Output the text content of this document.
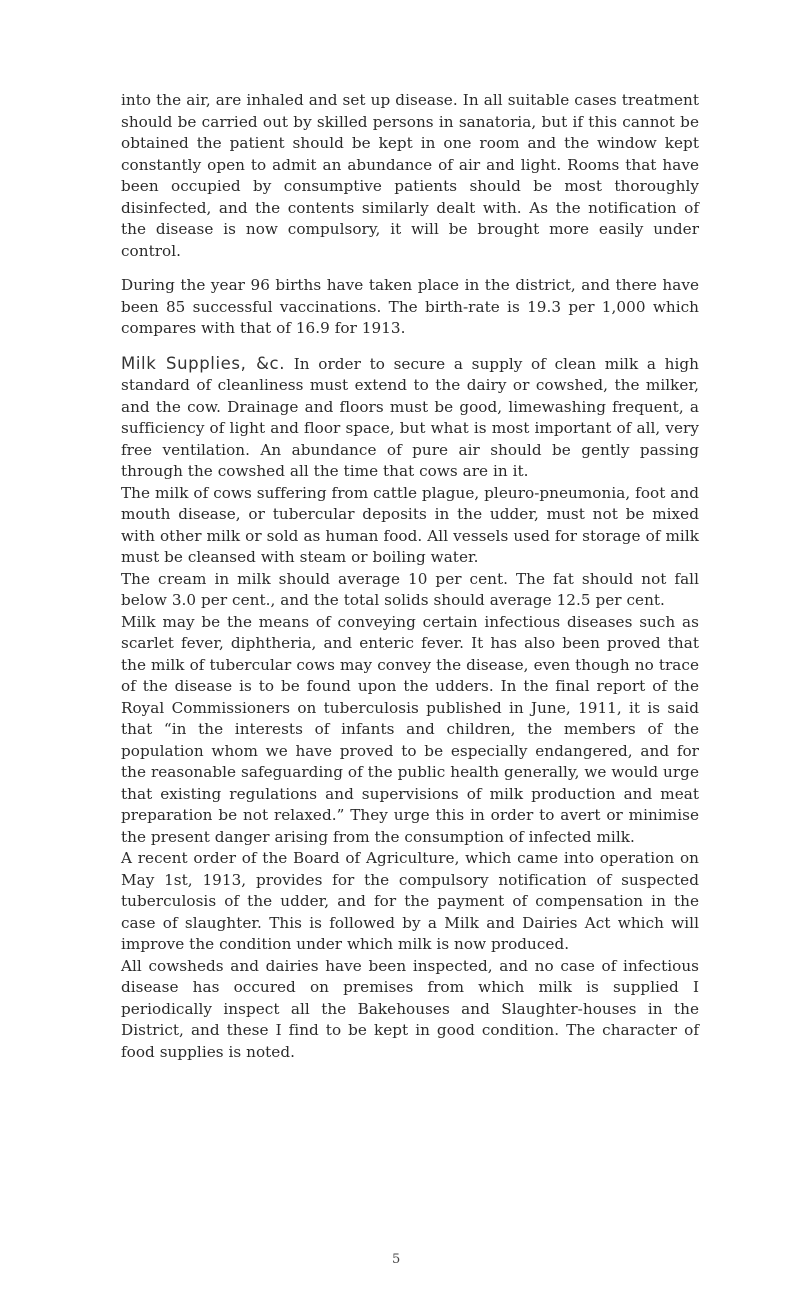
into the air, are inhaled and set up disease. In all suitable cases treatment should be carried out by skilled persons in sanatoria, but if this cannot be obtained the patient should be kept in one room and the window kept constantly open to admit an abundance of air and light. Rooms that have been occupied by consumptive patients should be most thoroughly disinfected, and the contents similarly dealt with. As the notification of the disease is now compulsory, it will be brought more easily under control.

During the year 96 births have taken place in the district, and there have been 85 successful vaccinations. The birth-rate is 19.3 per 1,000 which compares with that of 16.9 for 1913.

Milk Supplies, &c. In order to secure a supply of clean milk a high standard of cleanliness must extend to the dairy or cowshed, the milker, and the cow. Drainage and floors must be good, limewashing frequent, a sufficiency of light and floor space, but what is most important of all, very free ventilation. An abundance of pure air should be gently passing through the cowshed all the time that cows are in it.

The milk of cows suffering from cattle plague, pleuro-pneumonia, foot and mouth disease, or tubercular deposits in the udder, must not be mixed with other milk or sold as human food. All vessels used for storage of milk must be cleansed with steam or boiling water.

The cream in milk should average 10 per cent. The fat should not fall below 3.0 per cent., and the total solids should average 12.5 per cent.

Milk may be the means of conveying certain infectious diseases such as scarlet fever, diphtheria, and enteric fever. It has also been proved that the milk of tubercular cows may convey the disease, even though no trace of the disease is to be found upon the udders. In the final report of the Royal Commissioners on tuberculosis published in June, 1911, it is said that “in the interests of infants and children, the members of the population whom we have proved to be especially endangered, and for the reasonable safeguarding of the public health generally, we would urge that existing regulations and supervisions of milk production and meat preparation be not relaxed.” They urge this in order to avert or minimise the present danger arising from the consumption of infected milk.

A recent order of the Board of Agriculture, which came into operation on May 1st, 1913, provides for the compulsory notification of suspected tuberculosis of the udder, and for the payment of compensation in the case of slaughter. This is followed by a Milk and Dairies Act which will improve the condition under which milk is now produced.

All cowsheds and dairies have been inspected, and no case of infectious disease has occured on premises from which milk is supplied I periodically inspect all the Bakehouses and Slaughter-houses in the District, and these I find to be kept in good condition. The character of food supplies is noted.

5
